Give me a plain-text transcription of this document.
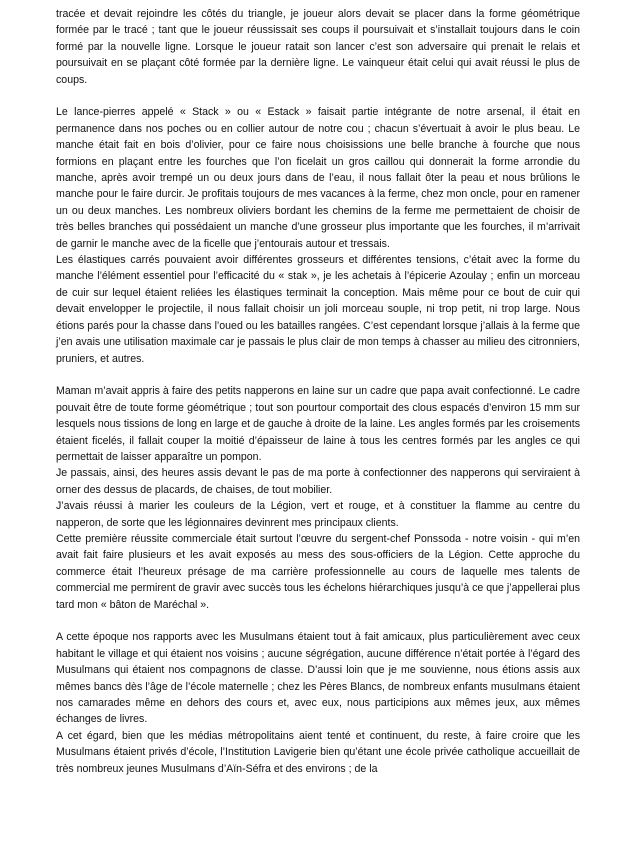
tracée et devait rejoindre les côtés du triangle, je joueur alors devait se placer dans la forme géométrique formée par le tracé ; tant que le joueur réussissait ses coups il poursuivait et s’installait toujours dans le coin formé par la nouvelle ligne. Lorsque le joueur ratait son lancer c’est son adversaire qui prenait le relais et poursuivait en se plaçant côté formée par la dernière ligne. Le vainqueur était celui qui avait réussi le plus de coups.

Le lance-pierres appelé « Stack » ou « Estack » faisait partie intégrante de notre arsenal, il était en permanence dans nos poches ou en collier autour de notre cou ; chacun s’évertuait à avoir le plus beau. Le manche était fait en bois d’olivier, pour ce faire nous choisissions une belle branche à fourche que nous formions en plaçant entre les fourches que l’on ficelait un gros caillou qui donnerait la forme arrondie du manche, après avoir trempé un ou deux jours dans de l’eau, il nous fallait ôter la peau et nous brûlions le manche pour le faire durcir. Je profitais toujours de mes vacances à la ferme, chez mon oncle, pour en ramener un ou deux manches. Les nombreux oliviers bordant les chemins de la ferme me permettaient de choisir de très belles branches qui possédaient un manche d’une grosseur plus importante que les fourches, il m’arrivait de garnir le manche avec de la ficelle que j’entourais autour et tressais.

Les élastiques carrés pouvaient avoir différentes grosseurs et différentes tensions, c’était avec la forme du manche l’élément essentiel pour l’efficacité du « stak », je les achetais à l’épicerie Azoulay ; enfin un morceau de cuir sur lequel étaient reliées les élastiques terminait la conception. Mais même pour ce bout de cuir qui devait envelopper le projectile, il nous fallait choisir un joli morceau souple, ni trop petit, ni trop large. Nous étions parés pour la chasse dans l’oued ou les batailles rangées. C’est cependant lorsque j’allais à la ferme que j’en avais une utilisation maximale car je passais le plus clair de mon temps à chasser au milieu des citronniers, pruniers, et autres.

Maman m’avait appris à faire des petits napperons en laine sur un cadre que papa avait confectionné. Le cadre pouvait être de toute forme géométrique ; tout son pourtour comportait des clous espacés d’environ 15 mm sur lesquels nous tissions de long en large et de gauche à droite de la laine. Les angles formés par les croisements étaient ficelés, il fallait couper la moitié d’épaisseur de laine à tous les centres formés par les angles ce qui permettait de laisser apparaître un pompon.

Je passais, ainsi, des heures assis devant le pas de ma porte à confectionner des napperons qui serviraient à orner des dessus de placards, de chaises, de tout mobilier.

J’avais réussi à marier les couleurs de la Légion, vert et rouge, et à constituer la flamme au centre du napperon, de sorte que les légionnaires devinrent mes principaux clients.

Cette première réussite commerciale était surtout l’œuvre du sergent-chef Ponssoda - notre voisin - qui m’en avait fait faire plusieurs et les avait exposés au mess des sous-officiers de la Légion. Cette approche du commerce était l’heureux présage de ma carrière professionnelle au cours de laquelle mes talents de commercial me permirent de gravir avec succès tous les échelons hiérarchiques jusqu’à ce que j’appellerai plus tard mon « bâton de Maréchal ».

A cette époque nos rapports avec les Musulmans étaient tout à fait amicaux, plus particulièrement avec ceux habitant le village et qui étaient nos voisins ; aucune ségrégation, aucune différence n’était portée à l’égard des Musulmans qui étaient nos compagnons de classe. D’aussi loin que je me souvienne, nous étions assis aux mêmes bancs dès l’âge de l’école maternelle ; chez les Pères Blancs, de nombreux enfants musulmans étaient nos camarades même en dehors des cours et, avec eux, nous participions aux mêmes jeux, aux mêmes échanges de livres.

A cet égard, bien que les médias métropolitains aient tenté et continuent, du reste, à faire croire que les Musulmans étaient privés d’école, l’Institution Lavigerie bien qu’étant une école privée catholique accueillait de très nombreux jeunes Musulmans d’Aïn-Séfra et des environs ; de la
